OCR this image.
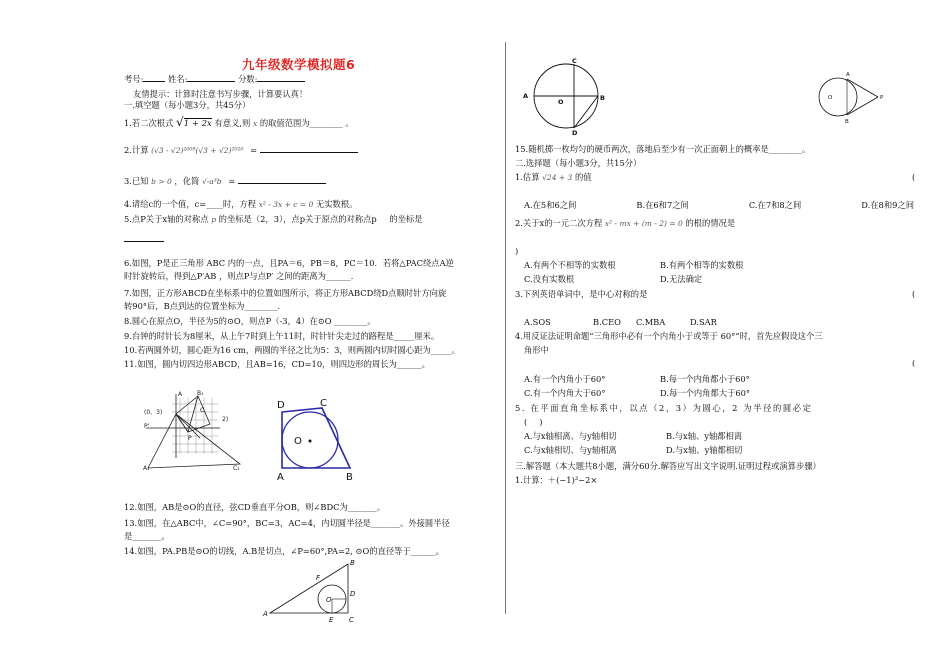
九年级数学模拟题6
考号:	姓名:	分数:
友情提示：计算时注意书写步骤，计算要认真！
一.填空题（每小题3分，共45分）
1.若二次根式 √1 + 2x 有意义,则 x 的取值范围为________ 。
2.计算 (√3 - √2)²⁰⁰⁹(√3 + √2)²⁰¹⁰ =
3.已知 b > 0 ，化简 √-a³b =
4.请给c的一个值，c=____时，方程 x² - 3x + c = 0 无实数根。
5.点P关于x轴的对称点 p 的坐标是（2，3），点p关于原点的对称点p 的坐标是
6.如图，P是正三角形 ABC 内的一点，且PA＝6，PB＝8，PC＝10．若将△PAC绕点A逆
时针旋转后，得到△P′AB ，则点P与点P′ 之间的距离为______.
7.如图，正方形ABCD在坐标系中的位置如图所示，将正方形ABCD绕D点顺时针方向旋
转90°后，B点到达的位置坐标为________．
8.圆心在原点O，半径为5的⊙O，则点P（-3，4）在⊙O ________。
9.台钟的时针长为8厘米，从上午7时到上午11时，时针针尖走过的路程是_____厘米。
10.若两圆外切，圆心距为16 cm，两圆的半径之比为5：3，则两圆内切时圆心距为_____。
11.如图，圆内切四边形ABCD，且AB=16，CD=10，则四边形的周长为______。
B₁
(0，3)
P'
P
2)
A
C
A₁	C₁
D	C
O
A	B
12.如图，AB是⊙O的直径，弦CD垂直平分OB，则∠BDC为_______。
13.如图，在△ABC中，∠C=90°，BC=3，AC=4，内切圆半径是_______。外接圆半径
是_______。
14.如图，PA.PB是⊙O的切线，A.B是切点，∠P=60°,PA=2, ⊙O的直径等于______。
B
F
O
D
A
E C
C
A
O	B
D
A
O	P
B
15.随机掷一枚均匀的硬币两次，落地后至少有一次正面朝上的概率是________。
二.选择题（每小题3分，共15分）
1.估算 √24 + 3 的值	(
A.在5和6之间	B.在6和7之间	C.在7和8之间	D.在8和9之间
2.关于x的一元二次方程 x² - mx + (m - 2) = 0 的根的情况是
)
A.有两个不相等的实数根	B.有两个相等的实数根
C.没有实数根	D.无法确定
3.下列英语单词中，是中心对称的是	(
A.SOS	B.CEO C.MBA	D.SAR
4.用反证法证明命题“三角形中必有一个内角小于或等于 60°”时，首先应假设这个三
角形中
(
A.有一个内角小于60°	B.每一个内角都小于60°
C.有一个内角大于60°	D.每一个内角都大于60°
5. 在平面直角坐标系中，以点（2，3）为圆心，2 为半径的圆必定
( )
A.与x轴相离、与y轴相切	B.与x轴、y轴都相离
C.与x轴相切、与y轴相离	D.与x轴、y轴都相切
三.解答题（本大题共8小题，满分60分.解答应写出文字说明.证明过程或演算步骤）
1.计算：＋(−1)³−2×
